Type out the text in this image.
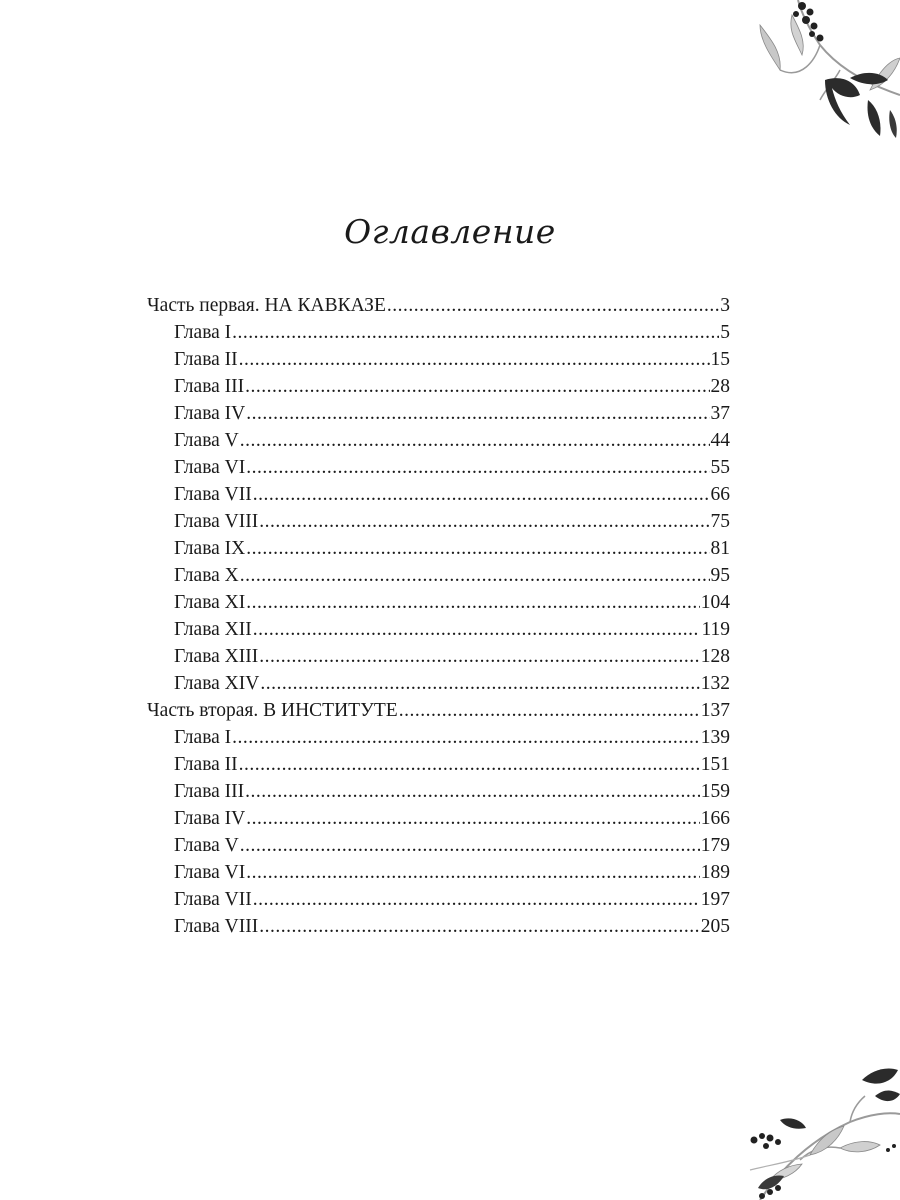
Оглавление
Часть первая. НА КАВКАЗЕ .....	3
Глава I .....	5
Глава II .....	15
Глава III .....	28
Глава IV .....	37
Глава V .....	44
Глава VI .....	55
Глава VII .....	66
Глава VIII .....	75
Глава IX .....	81
Глава X .....	95
Глава XI .....	104
Глава XII .....	119
Глава XIII .....	128
Глава XIV .....	132
Часть вторая. В ИНСТИТУТЕ .....	137
Глава I .....	139
Глава II .....	151
Глава III .....	159
Глава IV .....	166
Глава V .....	179
Глава VI .....	189
Глава VII .....	197
Глава VIII .....	205
